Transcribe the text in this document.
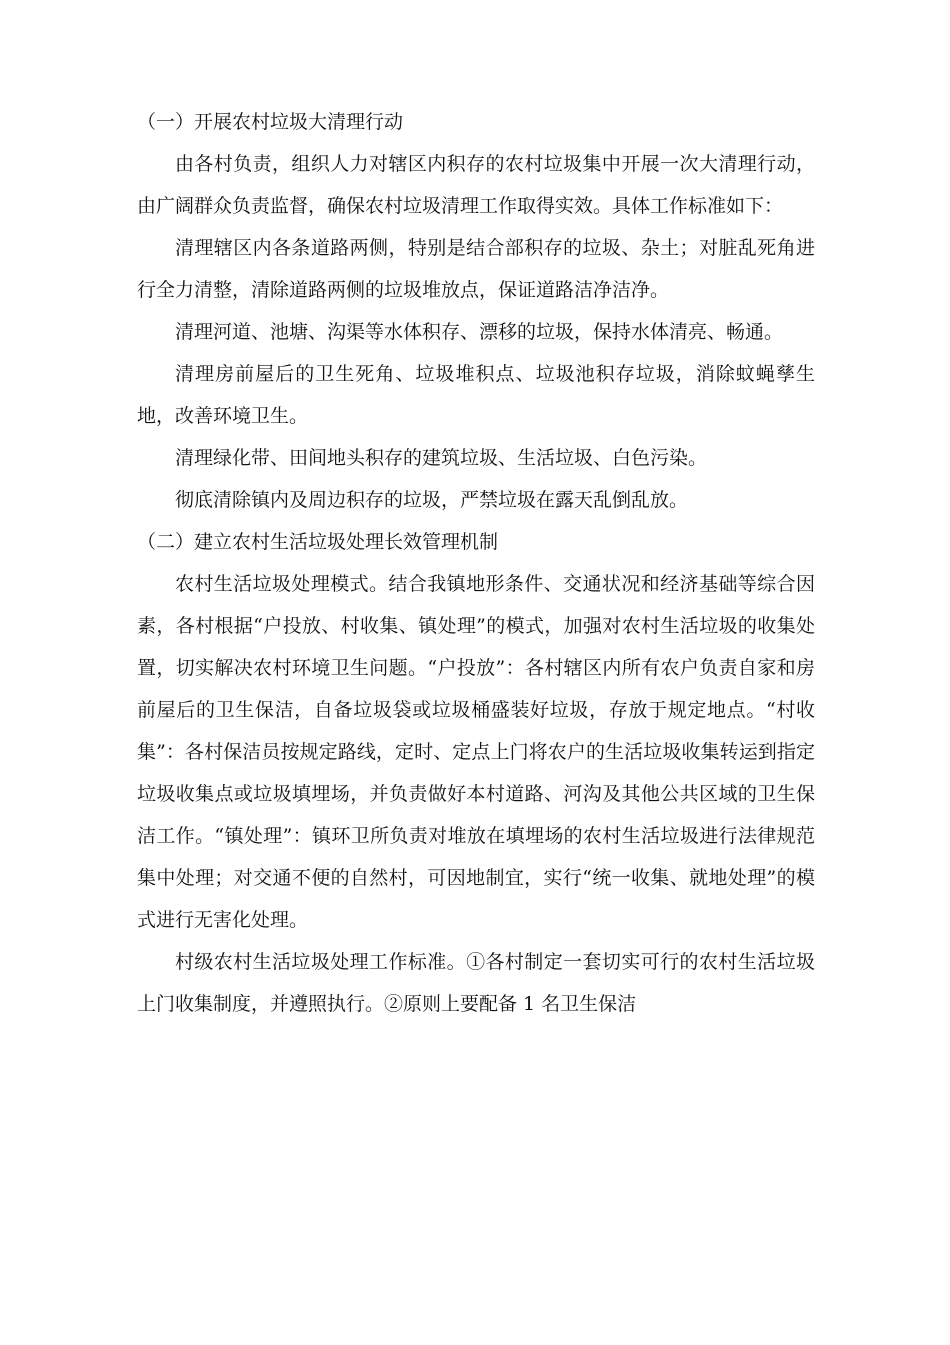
（一）开展农村垃圾大清理行动

由各村负责，组织人力对辖区内积存的农村垃圾集中开展一次大清理行动，由广阔群众负责监督，确保农村垃圾清理工作取得实效。具体工作标准如下：

清理辖区内各条道路两侧，特别是结合部积存的垃圾、杂土；对脏乱死角进行全力清整，清除道路两侧的垃圾堆放点，保证道路洁净洁净。

清理河道、池塘、沟渠等水体积存、漂移的垃圾，保持水体清亮、畅通。

清理房前屋后的卫生死角、垃圾堆积点、垃圾池积存垃圾，消除蚊蝇孳生地，改善环境卫生。

清理绿化带、田间地头积存的建筑垃圾、生活垃圾、白色污染。

彻底清除镇内及周边积存的垃圾，严禁垃圾在露天乱倒乱放。

（二）建立农村生活垃圾处理长效管理机制

农村生活垃圾处理模式。结合我镇地形条件、交通状况和经济基础等综合因素，各村根据“户投放、村收集、镇处理”的模式，加强对农村生活垃圾的收集处置，切实解决农村环境卫生问题。“户投放”：各村辖区内所有农户负责自家和房前屋后的卫生保洁，自备垃圾袋或垃圾桶盛装好垃圾，存放于规定地点。“村收集”：各村保洁员按规定路线，定时、定点上门将农户的生活垃圾收集转运到指定垃圾收集点或垃圾填埋场，并负责做好本村道路、河沟及其他公共区域的卫生保洁工作。“镇处理”：镇环卫所负责对堆放在填埋场的农村生活垃圾进行法律规范集中处理；对交通不便的自然村，可因地制宜，实行“统一收集、就地处理”的模式进行无害化处理。

村级农村生活垃圾处理工作标准。①各村制定一套切实可行的农村生活垃圾上门收集制度，并遵照执行。②原则上要配备 1 名卫生保洁
